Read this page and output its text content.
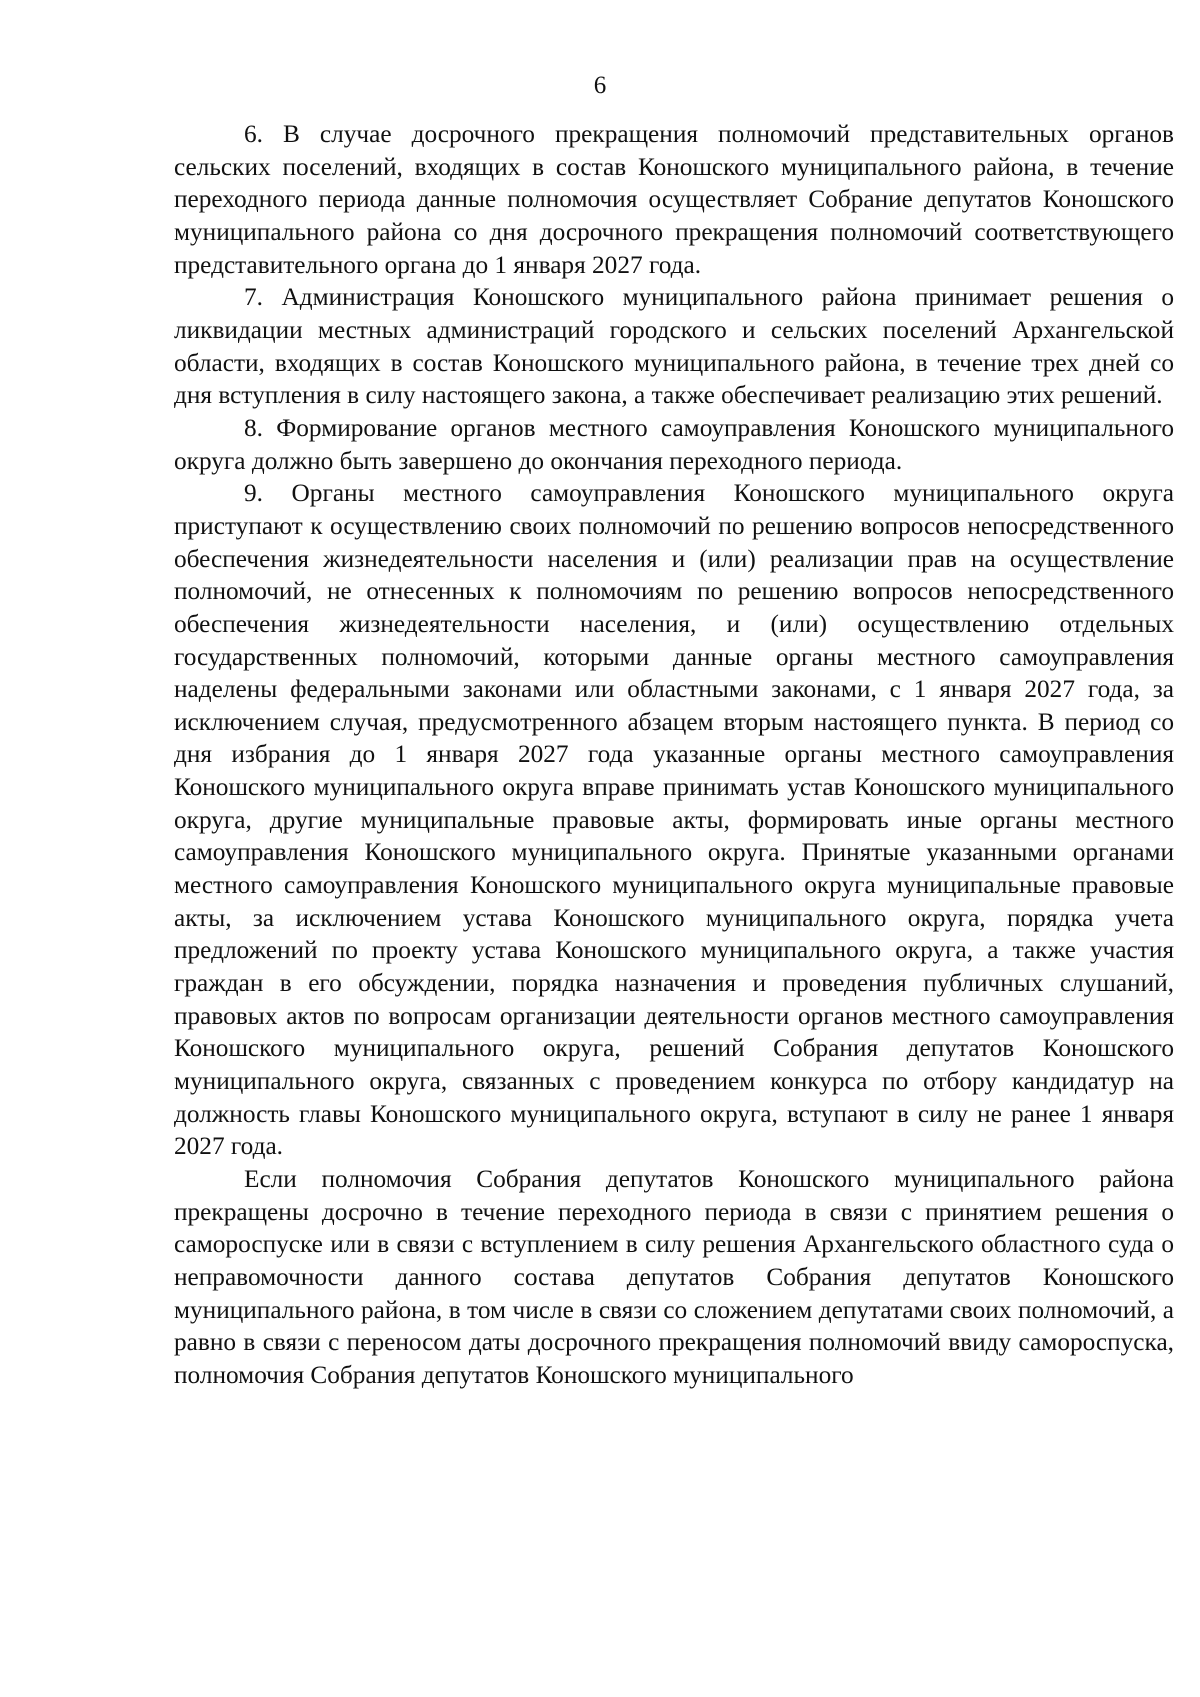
6

6. В случае досрочного прекращения полномочий представительных органов сельских поселений, входящих в состав Коношского муниципального района, в течение переходного периода данные полномочия осуществляет Собрание депутатов Коношского муниципального района со дня досрочного прекращения полномочий соответствующего представительного органа до 1 января 2027 года.

7. Администрация Коношского муниципального района принимает решения о ликвидации местных администраций городского и сельских поселений Архангельской области, входящих в состав Коношского муниципального района, в течение трех дней со дня вступления в силу настоящего закона, а также обеспечивает реализацию этих решений.

8. Формирование органов местного самоуправления Коношского муниципального округа должно быть завершено до окончания переходного периода.

9. Органы местного самоуправления Коношского муниципального округа приступают к осуществлению своих полномочий по решению вопросов непосредственного обеспечения жизнедеятельности населения и (или) реализации прав на осуществление полномочий, не отнесенных к полномочиям по решению вопросов непосредственного обеспечения жизнедеятельности населения, и (или) осуществлению отдельных государственных полномочий, которыми данные органы местного самоуправления наделены федеральными законами или областными законами, с 1 января 2027 года, за исключением случая, предусмотренного абзацем вторым настоящего пункта. В период со дня избрания до 1 января 2027 года указанные органы местного самоуправления Коношского муниципального округа вправе принимать устав Коношского муниципального округа, другие муниципальные правовые акты, формировать иные органы местного самоуправления Коношского муниципального округа. Принятые указанными органами местного самоуправления Коношского муниципального округа муниципальные правовые акты, за исключением устава Коношского муниципального округа, порядка учета предложений по проекту устава Коношского муниципального округа, а также участия граждан в его обсуждении, порядка назначения и проведения публичных слушаний, правовых актов по вопросам организации деятельности органов местного самоуправления Коношского муниципального округа, решений Собрания депутатов Коношского муниципального округа, связанных с проведением конкурса по отбору кандидатур на должность главы Коношского муниципального округа, вступают в силу не ранее 1 января 2027 года.

Если полномочия Собрания депутатов Коношского муниципального района прекращены досрочно в течение переходного периода в связи с принятием решения о самороспуске или в связи с вступлением в силу решения Архангельского областного суда о неправомочности данного состава депутатов Собрания депутатов Коношского муниципального района, в том числе в связи со сложением депутатами своих полномочий, а равно в связи с переносом даты досрочного прекращения полномочий ввиду самороспуска, полномочия Собрания депутатов Коношского муниципального
